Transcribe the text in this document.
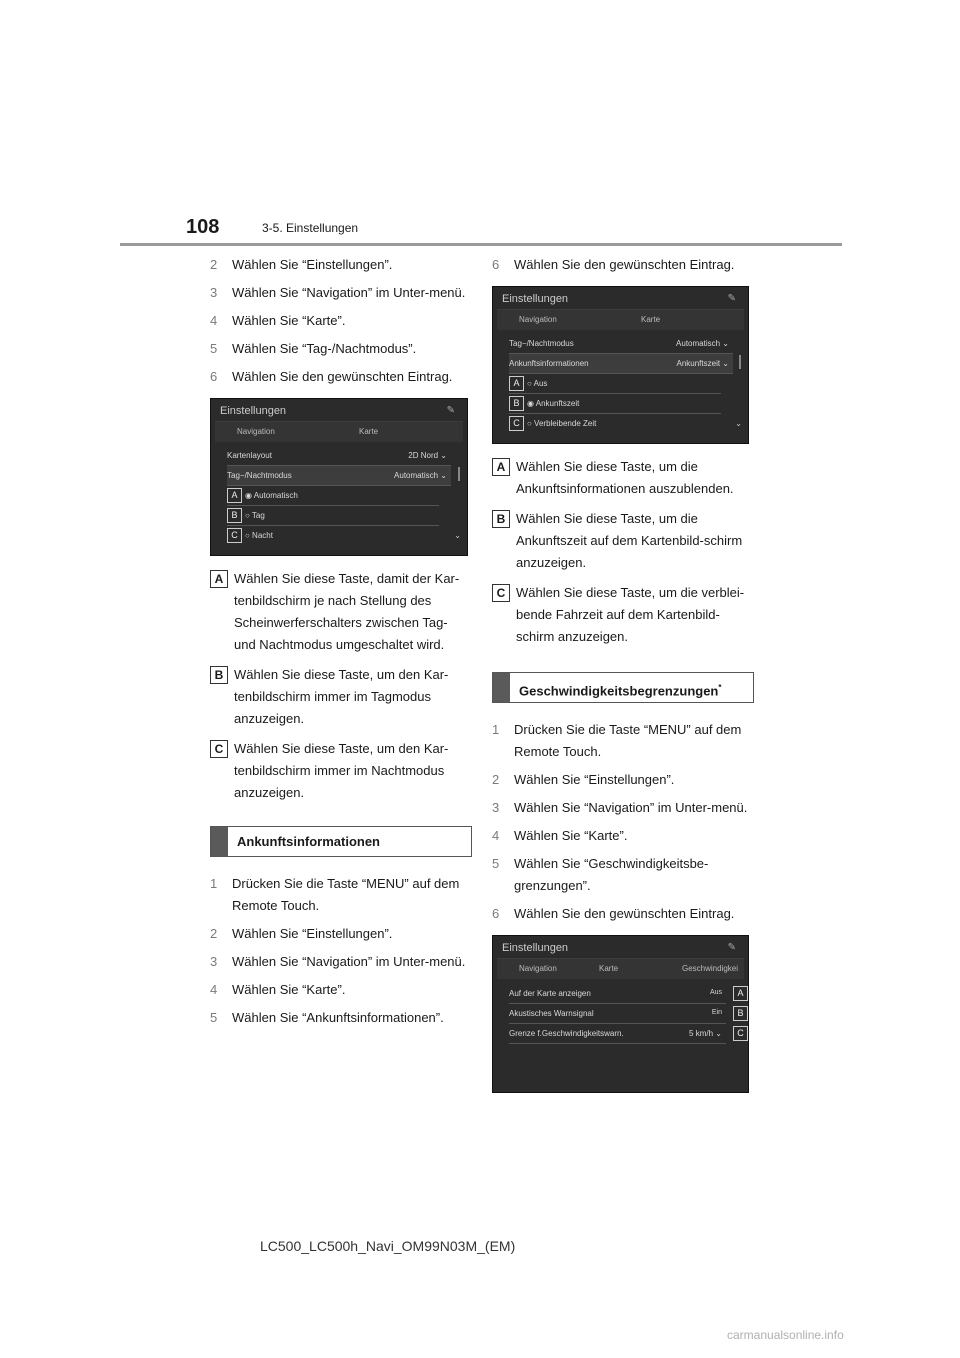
108	3-5. Einstellungen
2	Wählen Sie “Einstellungen”.
3	Wählen Sie “Navigation” im Unter-menü.
4	Wählen Sie “Karte”.
5	Wählen Sie “Tag-/Nachtmodus”.
6	Wählen Sie den gewünschten Eintrag.
Einstellungen	✎
Navigation	Karte
Kartenlayout	2D Nord ⌄
Tag−/Nachtmodus	Automatisch ⌄
A ◉ Automatisch
B ○ Tag
C ○ Nacht	⌄
A Wählen Sie diese Taste, damit der Kar-tenbildschirm je nach Stellung des Scheinwerferschalters zwischen Tag- und Nachtmodus umgeschaltet wird.
B Wählen Sie diese Taste, um den Kar-tenbildschirm immer im Tagmodus anzuzeigen.
C Wählen Sie diese Taste, um den Kar-tenbildschirm immer im Nachtmodus anzuzeigen.
Ankunftsinformationen
1	Drücken Sie die Taste “MENU” auf dem Remote Touch.
2	Wählen Sie “Einstellungen”.
3	Wählen Sie “Navigation” im Unter-menü.
4	Wählen Sie “Karte”.
5	Wählen Sie “Ankunftsinformationen”.
6	Wählen Sie den gewünschten Eintrag.
Einstellungen	✎
Navigation	Karte
Tag−/Nachtmodus	Automatisch ⌄
Ankunftsinformationen	Ankunftszeit ⌄
A ○ Aus
B ◉ Ankunftszeit
C ○ Verbleibende Zeit	⌄
A Wählen Sie diese Taste, um die Ankunftsinformationen auszublenden.
B Wählen Sie diese Taste, um die Ankunftszeit auf dem Kartenbild-schirm anzuzeigen.
C Wählen Sie diese Taste, um die verblei-bende Fahrzeit auf dem Kartenbild-schirm anzuzeigen.
Geschwindigkeitsbegrenzungen*
1	Drücken Sie die Taste “MENU” auf dem Remote Touch.
2	Wählen Sie “Einstellungen”.
3	Wählen Sie “Navigation” im Unter-menü.
4	Wählen Sie “Karte”.
5	Wählen Sie “Geschwindigkeitsbe-grenzungen”.
6	Wählen Sie den gewünschten Eintrag.
Einstellungen	✎
Navigation	Karte	Geschwindigkei
Auf der Karte anzeigen	Aus
Akustisches Warnsignal	Ein
Grenze f.Geschwindigkeitswarn.	5 km/h ⌄
A
B
C
LC500_LC500h_Navi_OM99N03M_(EM)
carmanualsonline.info
